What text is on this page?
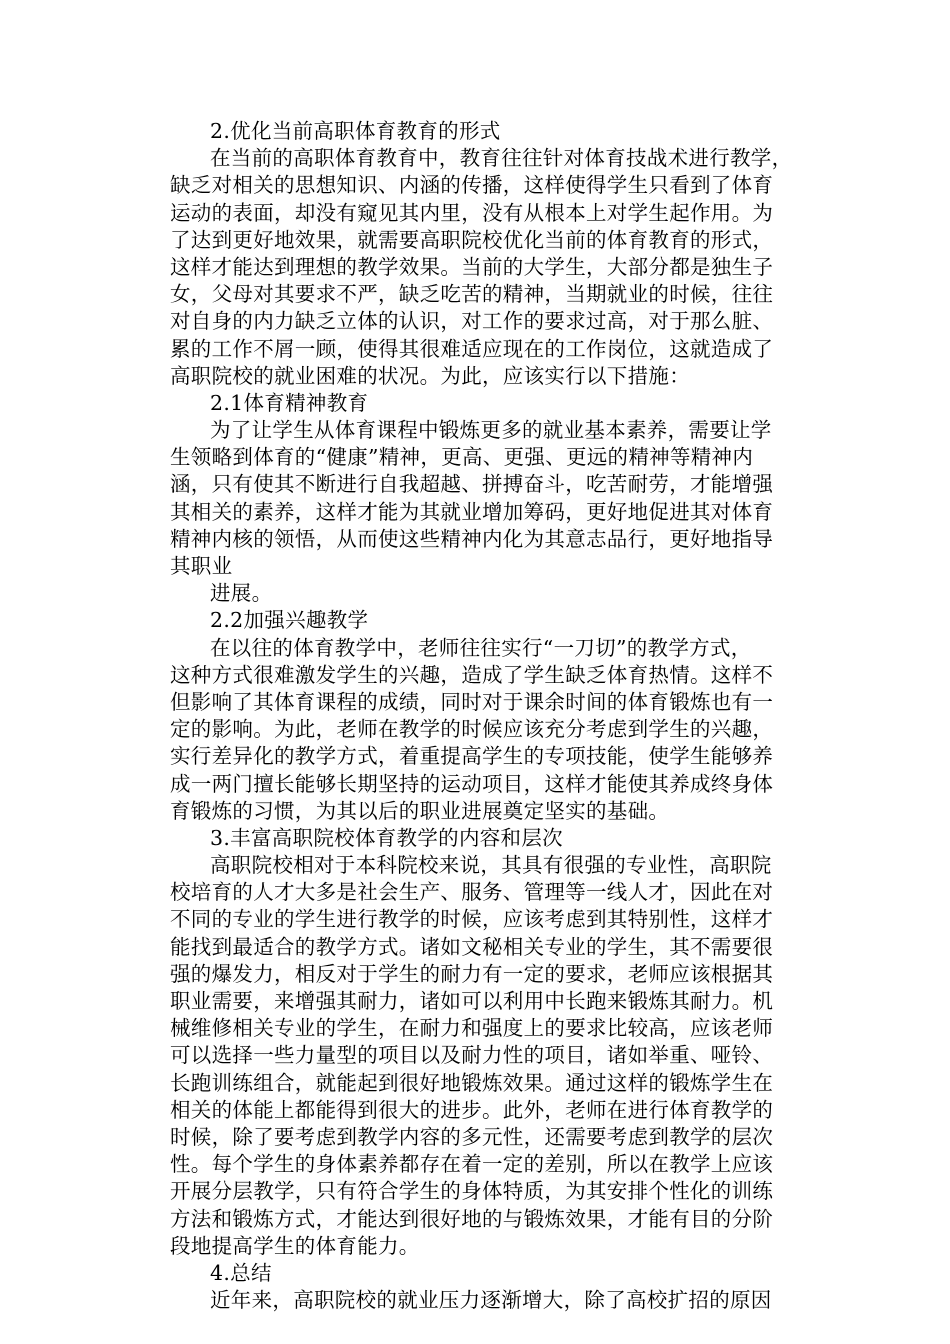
2.优化当前高职体育教育的形式
在当前的高职体育教育中，教育往往针对体育技战术进行教学，
缺乏对相关的思想知识、内涵的传播，这样使得学生只看到了体育
运动的表面，却没有窥见其内里，没有从根本上对学生起作用。为
了达到更好地效果，就需要高职院校优化当前的体育教育的形式，
这样才能达到理想的教学效果。当前的大学生，大部分都是独生子
女，父母对其要求不严，缺乏吃苦的精神，当期就业的时候，往往
对自身的内力缺乏立体的认识，对工作的要求过高，对于那么脏、
累的工作不屑一顾，使得其很难适应现在的工作岗位，这就造成了
高职院校的就业困难的状况。为此，应该实行以下措施：
2.1体育精神教育
为了让学生从体育课程中锻炼更多的就业基本素养，需要让学
生领略到体育的“健康”精神，更高、更强、更远的精神等精神内
涵，只有使其不断进行自我超越、拼搏奋斗，吃苦耐劳，才能增强
其相关的素养，这样才能为其就业增加筹码，更好地促进其对体育
精神内核的领悟，从而使这些精神内化为其意志品行，更好地指导
其职业
进展。
2.2加强兴趣教学
在以往的体育教学中，老师往往实行“一刀切”的教学方式，
这种方式很难激发学生的兴趣，造成了学生缺乏体育热情。这样不
但影响了其体育课程的成绩，同时对于课余时间的体育锻炼也有一
定的影响。为此，老师在教学的时候应该充分考虑到学生的兴趣，
实行差异化的教学方式，着重提高学生的专项技能，使学生能够养
成一两门擅长能够长期坚持的运动项目，这样才能使其养成终身体
育锻炼的习惯，为其以后的职业进展奠定坚实的基础。
3.丰富高职院校体育教学的内容和层次
高职院校相对于本科院校来说，其具有很强的专业性，高职院
校培育的人才大多是社会生产、服务、管理等一线人才，因此在对
不同的专业的学生进行教学的时候，应该考虑到其特别性，这样才
能找到最适合的教学方式。诸如文秘相关专业的学生，其不需要很
强的爆发力，相反对于学生的耐力有一定的要求，老师应该根据其
职业需要，来增强其耐力，诸如可以利用中长跑来锻炼其耐力。机
械维修相关专业的学生，在耐力和强度上的要求比较高，应该老师
可以选择一些力量型的项目以及耐力性的项目，诸如举重、哑铃、
长跑训练组合，就能起到很好地锻炼效果。通过这样的锻炼学生在
相关的体能上都能得到很大的进步。此外，老师在进行体育教学的
时候，除了要考虑到教学内容的多元性，还需要考虑到教学的层次
性。每个学生的身体素养都存在着一定的差别，所以在教学上应该
开展分层教学，只有符合学生的身体特质，为其安排个性化的训练
方法和锻炼方式，才能达到很好地的与锻炼效果，才能有目的分阶
段地提高学生的体育能力。
4.总结
近年来，高职院校的就业压力逐渐增大，除了高校扩招的原因
